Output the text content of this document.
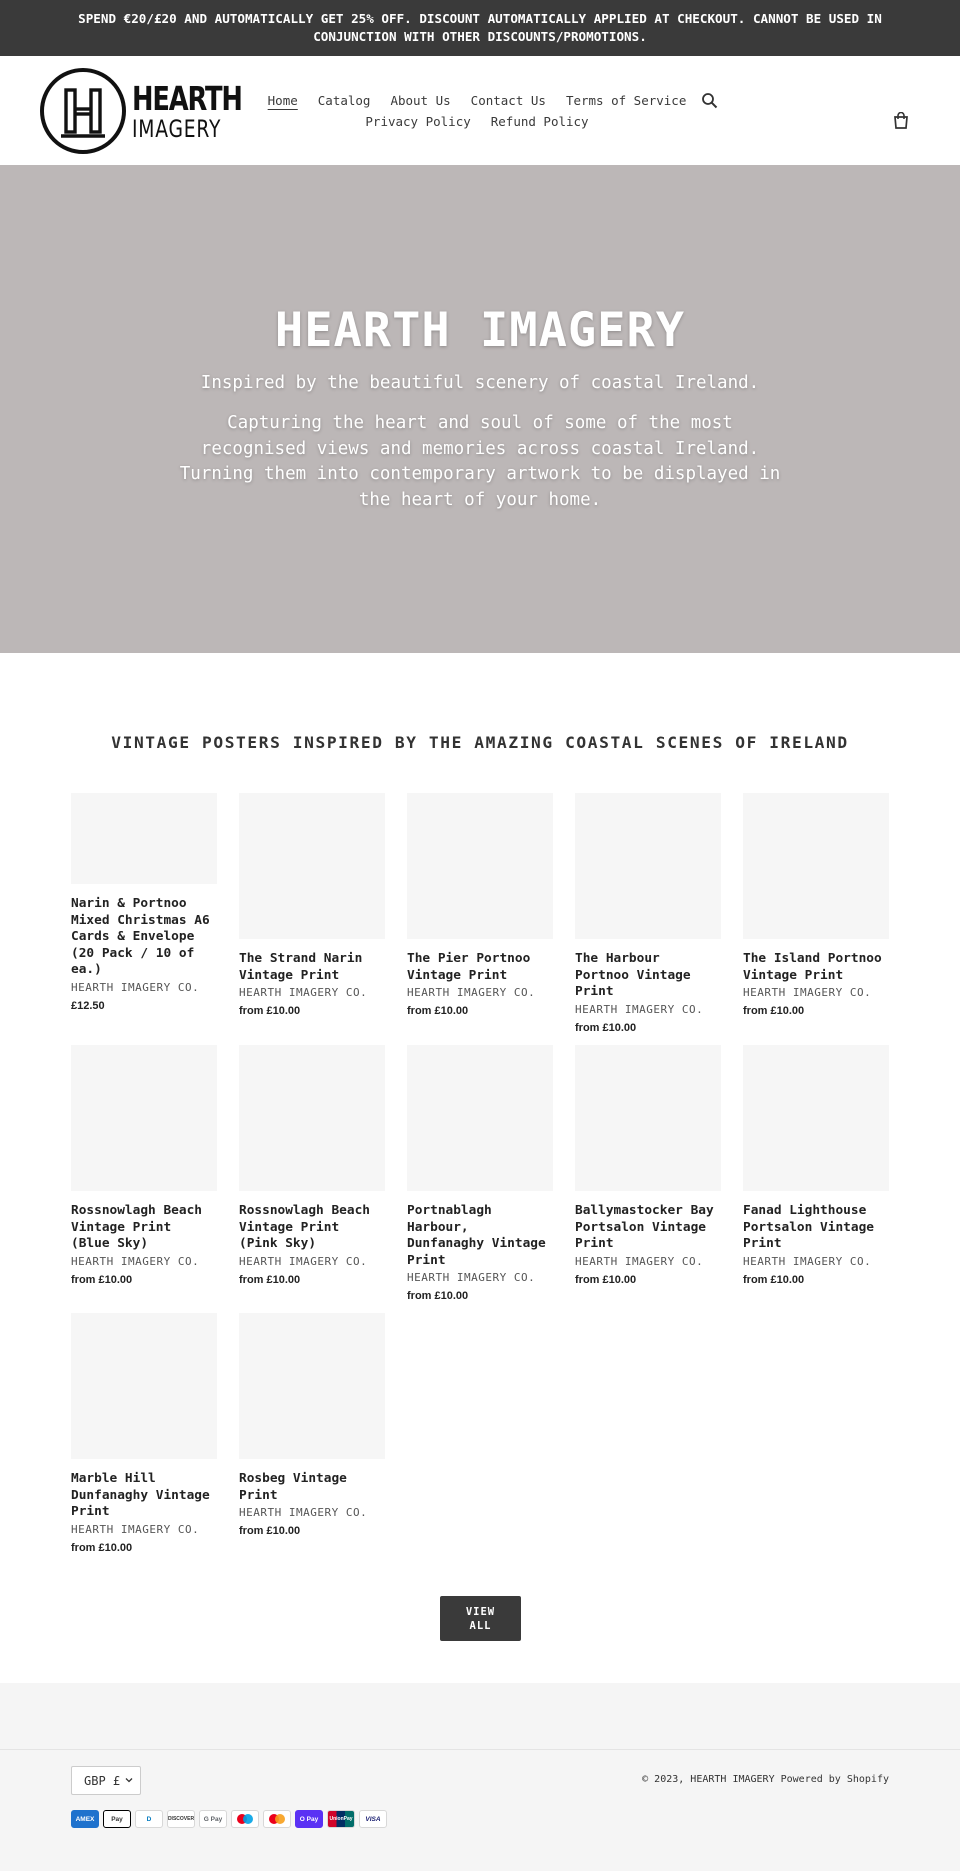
SPEND €20/£20 AND AUTOMATICALLY GET 25% OFF. DISCOUNT AUTOMATICALLY APPLIED AT CHECKOUT. CANNOT BE USED IN CONJUNCTION WITH OTHER DISCOUNTS/PROMOTIONS.
HEARTH
IMAGERY
Home Catalog About Us Contact Us Terms of Service
Privacy Policy Refund Policy
HEARTH IMAGERY

Inspired by the beautiful scenery of coastal Ireland.

Capturing the heart and soul of some of the most recognised views and memories across coastal Ireland. Turning them into contemporary artwork to be displayed in the heart of your home.

VINTAGE POSTERS INSPIRED BY THE AMAZING COASTAL SCENES OF IRELAND
Narin & Portnoo Mixed Christmas A6 Cards & Envelope (20 Pack / 10 of ea.)
HEARTH IMAGERY CO.
£12.50
The Strand Narin Vintage Print
HEARTH IMAGERY CO.
from £10.00
The Pier Portnoo Vintage Print
HEARTH IMAGERY CO.
from £10.00
The Harbour Portnoo Vintage Print
HEARTH IMAGERY CO.
from £10.00
The Island Portnoo Vintage Print
HEARTH IMAGERY CO.
from £10.00
Rossnowlagh Beach Vintage Print (Blue Sky)
HEARTH IMAGERY CO.
from £10.00
Rossnowlagh Beach Vintage Print (Pink Sky)
HEARTH IMAGERY CO.
from £10.00
Portnablagh Harbour, Dunfanaghy Vintage Print
HEARTH IMAGERY CO.
from £10.00
Ballymastocker Bay Portsalon Vintage Print
HEARTH IMAGERY CO.
from £10.00
Fanad Lighthouse Portsalon Vintage Print
HEARTH IMAGERY CO.
from £10.00
Marble Hill Dunfanaghy Vintage Print
HEARTH IMAGERY CO.
from £10.00
Rosbeg Vintage Print
HEARTH IMAGERY CO.
from £10.00
VIEW ALL
GBP £
AMEX	Pay	D	DISCOVER	G Pay	O Pay	UnionPay	VISA
© 2023, HEARTH IMAGERY Powered by Shopify
